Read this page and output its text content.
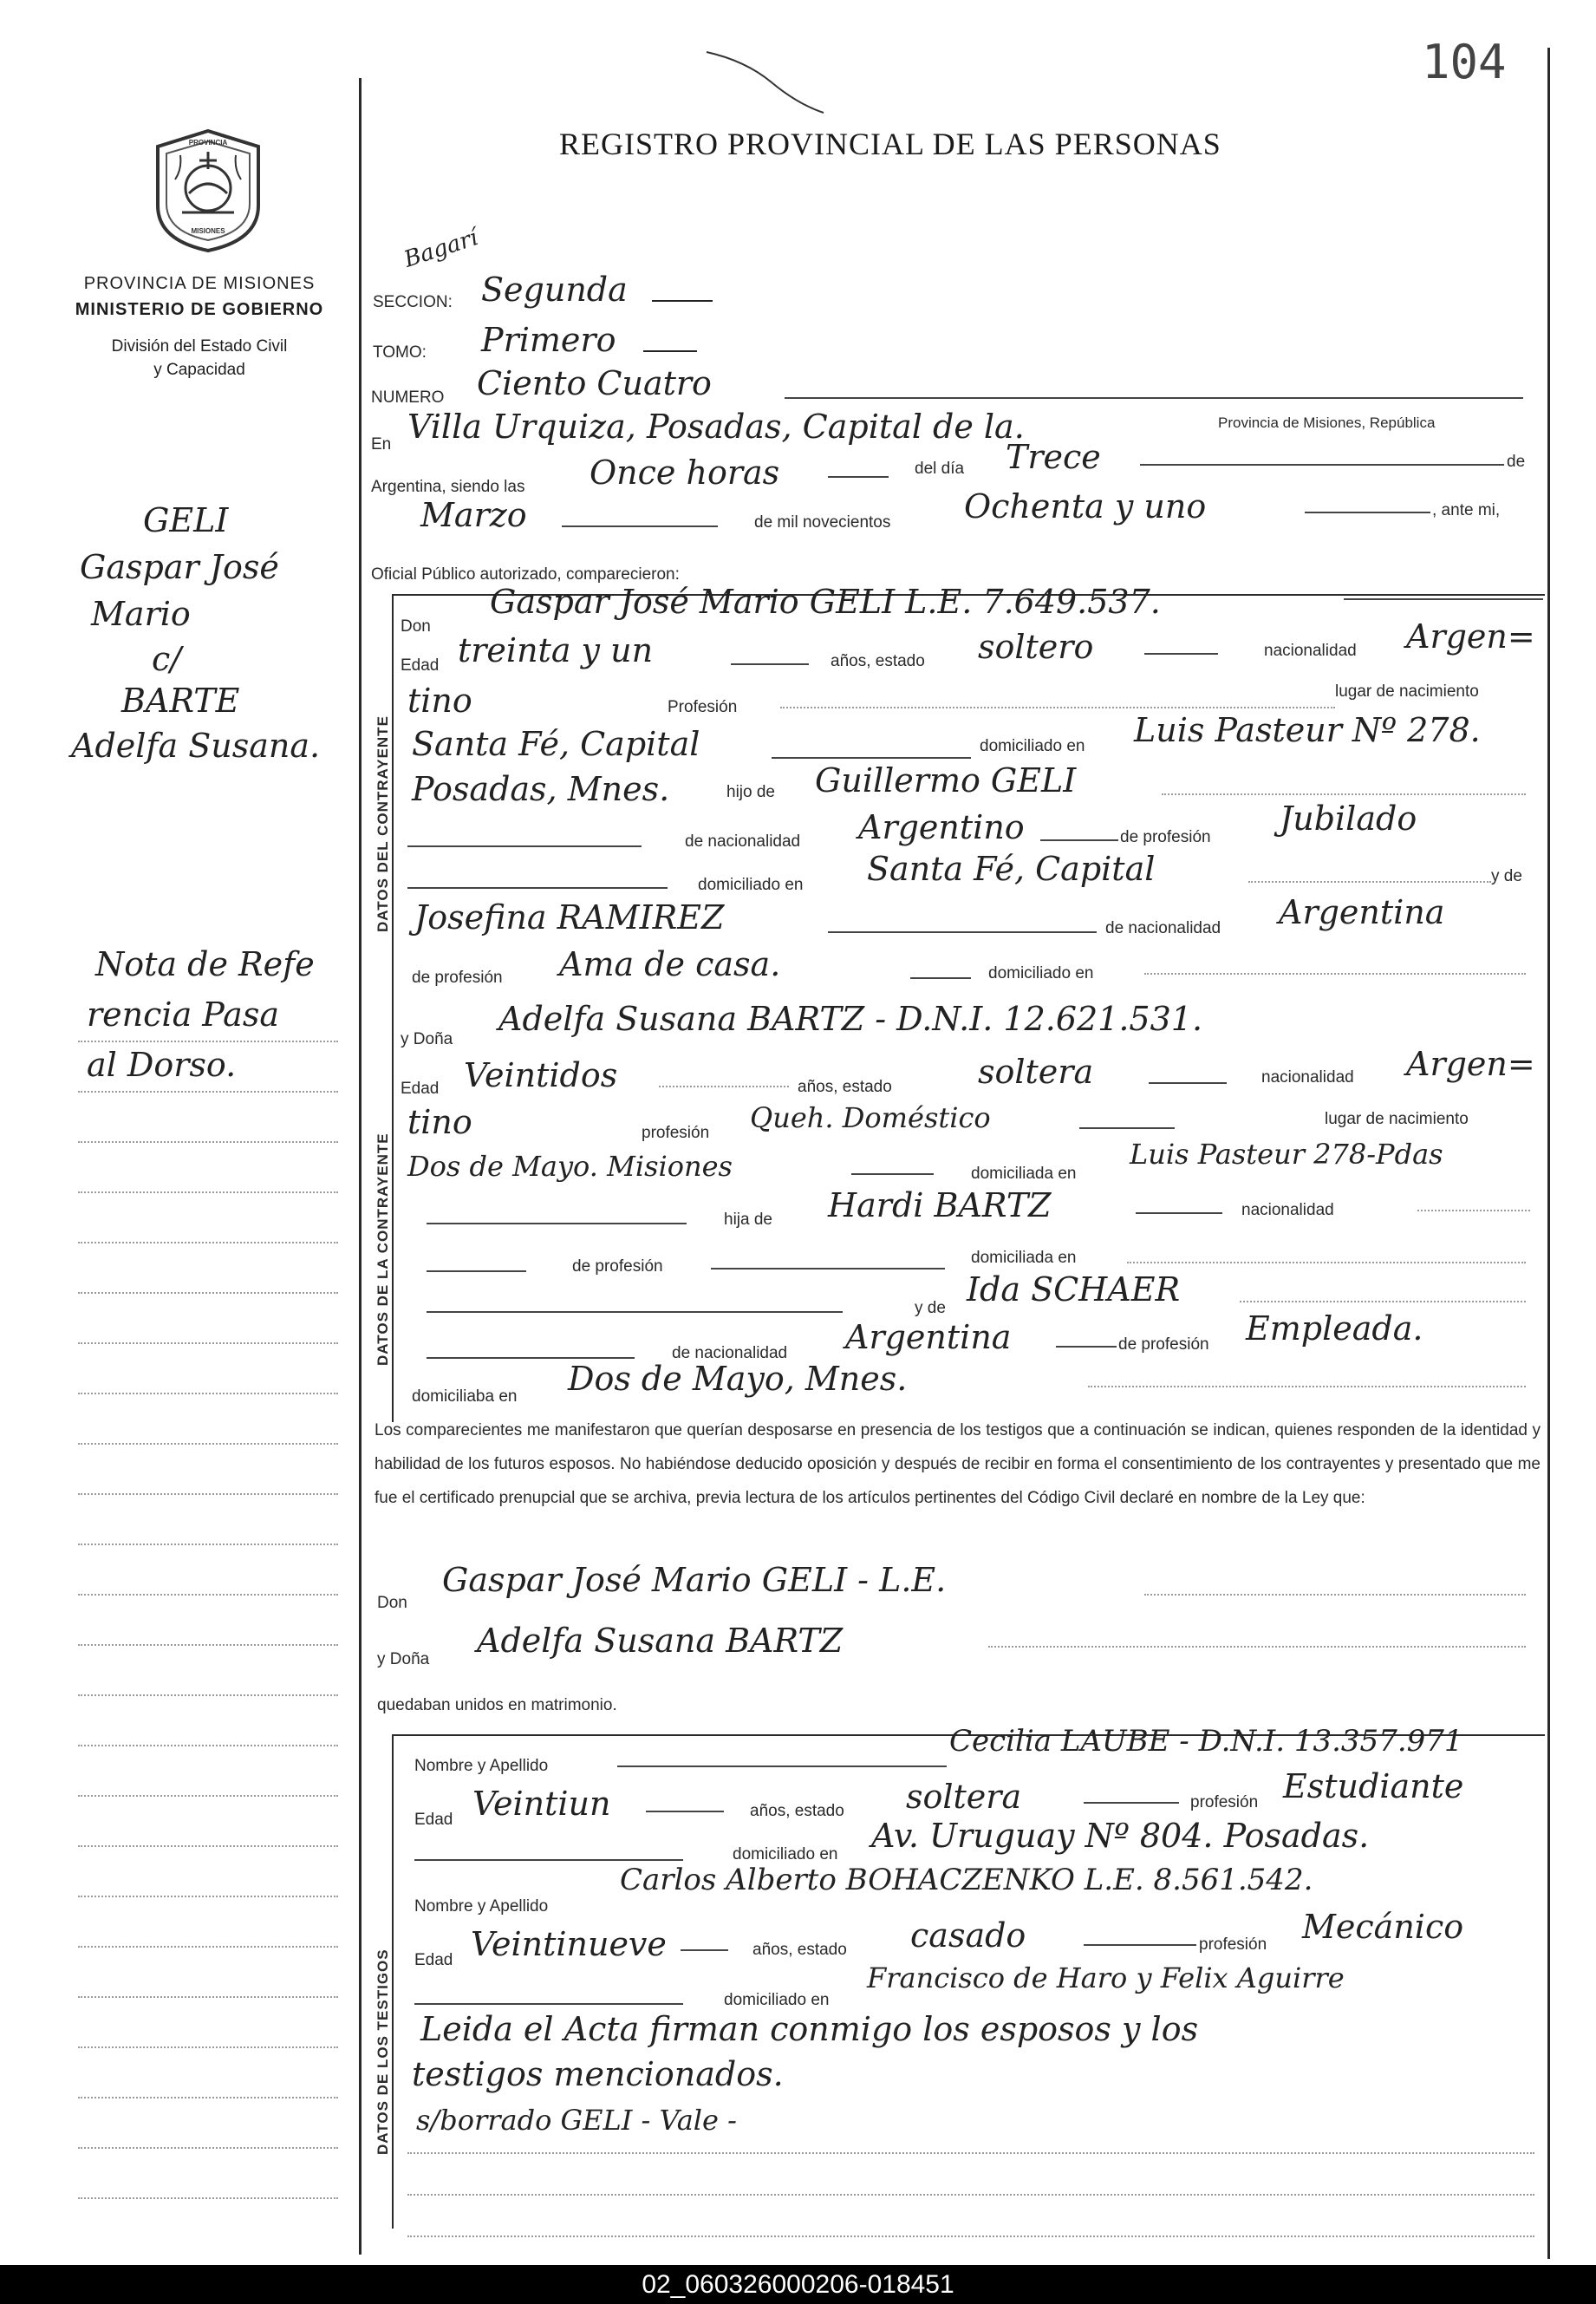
104
PROVINCIA
MISIONES
PROVINCIA DE MISIONES
MINISTERIO DE GOBIERNO
División del Estado Civil
y Capacidad
REGISTRO PROVINCIAL DE LAS PERSONAS
GELI
Gaspar José
Mario
c/
BARTE
Adelfa Susana.
Nota de Refe
rencia Pasa
al Dorso.
Bagarí
SECCION: Segunda
TOMO: Primero
NUMERO Ciento Cuatro
En Villa Urquiza, Posadas, Capital de la.	Provincia de Misiones, República
Argentina, siendo las Once horas	del día Trece	de
Marzo	de mil novecientos Ochenta y uno	, ante mi,
Oficial Público autorizado, comparecieron:
DATOS DEL CONTRAYENTE
Don
Gaspar José Mario GELI L.E. 7.649.537.
Edad treinta y un	años, estado soltero	nacionalidad Argen=
tino	Profesión
lugar de nacimiento
Santa Fé, Capital	domiciliado en Luis Pasteur Nº 278.
Posadas, Mnes.	hijo de Guillermo GELI
de nacionalidad Argentino	de profesión Jubilado
domiciliado en Santa Fé, Capital	y de
Josefina RAMIREZ	de nacionalidad Argentina
de profesión Ama de casa.	domiciliado en
DATOS DE LA CONTRAYENTE
y Doña
Adelfa Susana BARTZ - D.N.I. 12.621.531.
Edad Veintidos	años, estado	soltera	nacionalidad Argen=
tino	profesión Queh. Doméstico	lugar de nacimiento
Dos de Mayo. Misiones	domiciliada en
Luis Pasteur 278-Pdas
hija de Hardi BARTZ	nacionalidad
de profesión	domiciliada en
y de Ida SCHAER
de nacionalidad Argentina	de profesión Empleada.
domiciliaba en Dos de Mayo, Mnes.
Los comparecientes me manifestaron que querían desposarse en presencia de los testigos que a continuación se indican, quienes responden de la identidad y habilidad de los futuros esposos. No habiéndose deducido oposición y después de recibir en forma el consentimiento de los contrayentes y presentado que me fue el certificado prenupcial que se archiva, previa lectura de los artículos pertinentes del Código Civil declaré en nombre de la Ley que:
Don
Gaspar José Mario GELI - L.E.
y Doña Adelfa Susana BARTZ
quedaban unidos en matrimonio.
DATOS DE LOS TESTIGOS
Nombre y Apellido
Cecilia LAUBE - D.N.I. 13.357.971
Edad Veintiun	años, estado soltera	profesión Estudiante
domiciliado en Av. Uruguay Nº 804. Posadas.
Nombre y Apellido
Carlos Alberto BOHACZENKO L.E. 8.561.542.
Edad Veintinueve	años, estado casado	profesión Mecánico
domiciliado en
Francisco de Haro y Felix Aguirre
Leida el Acta firman conmigo los esposos y los
testigos mencionados.
s/borrado GELI - Vale -
02_060326000206-018451
